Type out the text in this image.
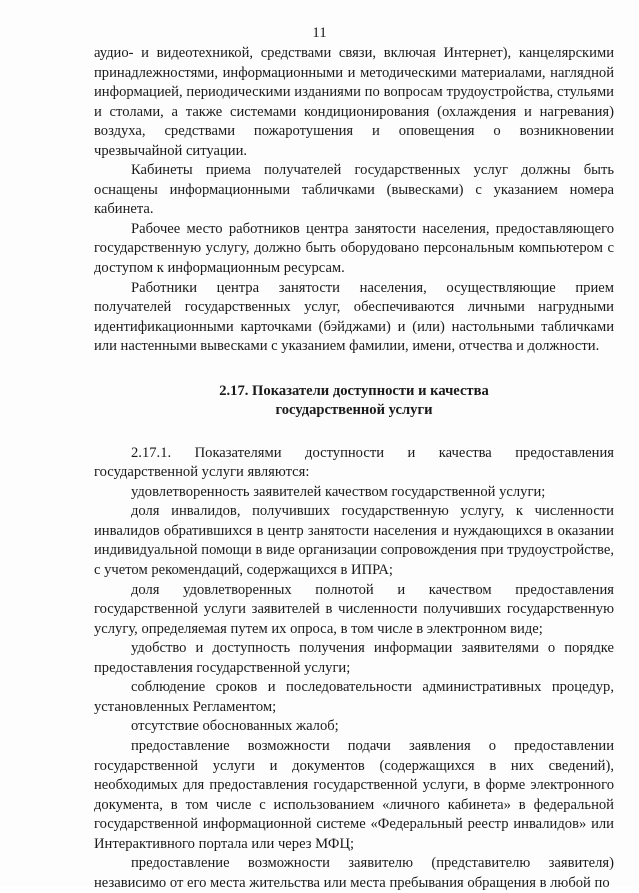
11

аудио- и видеотехникой, средствами связи, включая Интернет), канцелярскими принадлежностями, информационными и методическими материалами, наглядной информацией, периодическими изданиями по вопросам трудоустройства, стульями и столами, а также системами кондиционирования (охлаждения и нагревания) воздуха, средствами пожаротушения и оповещения о возникновении чрезвычайной ситуации.

Кабинеты приема получателей государственных услуг должны быть оснащены информационными табличками (вывесками) с указанием номера кабинета.

Рабочее место работников центра занятости населения, предоставляющего государственную услугу, должно быть оборудовано персональным компьютером с доступом к информационным ресурсам.

Работники центра занятости населения, осуществляющие прием получателей государственных услуг, обеспечиваются личными нагрудными идентификационными карточками (бэйджами) и (или) настольными табличками или настенными вывесками с указанием фамилии, имени, отчества и должности.

2.17. Показатели доступности и качества
государственной услуги

2.17.1. Показателями доступности и качества предоставления государственной услуги являются:

удовлетворенность заявителей качеством государственной услуги;

доля инвалидов, получивших государственную услугу, к численности инвалидов обратившихся в центр занятости населения и нуждающихся в оказании индивидуальной помощи в виде организации сопровождения при трудоустройстве, с учетом рекомендаций, содержащихся в ИПРА;

доля удовлетворенных полнотой и качеством предоставления государственной услуги заявителей в численности получивших государственную услугу, определяемая путем их опроса, в том числе в электронном виде;

удобство и доступность получения информации заявителями о порядке предоставления государственной услуги;

соблюдение сроков и последовательности административных процедур, установленных Регламентом;

отсутствие обоснованных жалоб;

предоставление возможности подачи заявления о предоставлении государственной услуги и документов (содержащихся в них сведений), необходимых для предоставления государственной услуги, в форме электронного документа, в том числе с использованием «личного кабинета» в федеральной государственной информационной системе «Федеральный реестр инвалидов» или Интерактивного портала или через МФЦ;

предоставление возможности заявителю (представителю заявителя) независимо от его места жительства или места пребывания обращения в любой по
